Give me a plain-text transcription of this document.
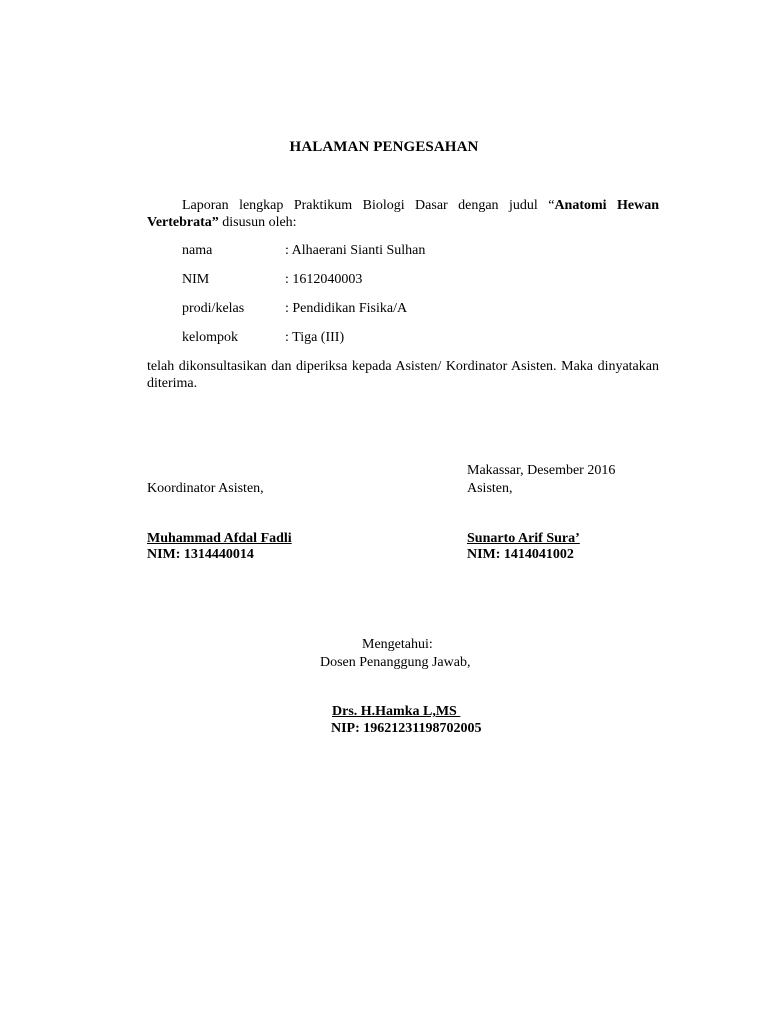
HALAMAN PENGESAHAN
Laporan lengkap Praktikum Biologi Dasar dengan judul “Anatomi Hewan Vertebrata” disusun oleh:
nama	: Alhaerani Sianti Sulhan
NIM	: 1612040003
prodi/kelas	: Pendidikan Fisika/A
kelompok	: Tiga (III)
telah dikonsultasikan dan diperiksa kepada Asisten/ Kordinator Asisten. Maka dinyatakan diterima.
Makassar, Desember 2016
Koordinator Asisten,
Muhammad Afdal Fadli
NIM: 1314440014
Asisten,
Sunarto Arif Sura’
NIM: 1414041002
Mengetahui:
Dosen Penanggung Jawab,
Drs. H.Hamka L,MS
NIP: 19621231198702005
